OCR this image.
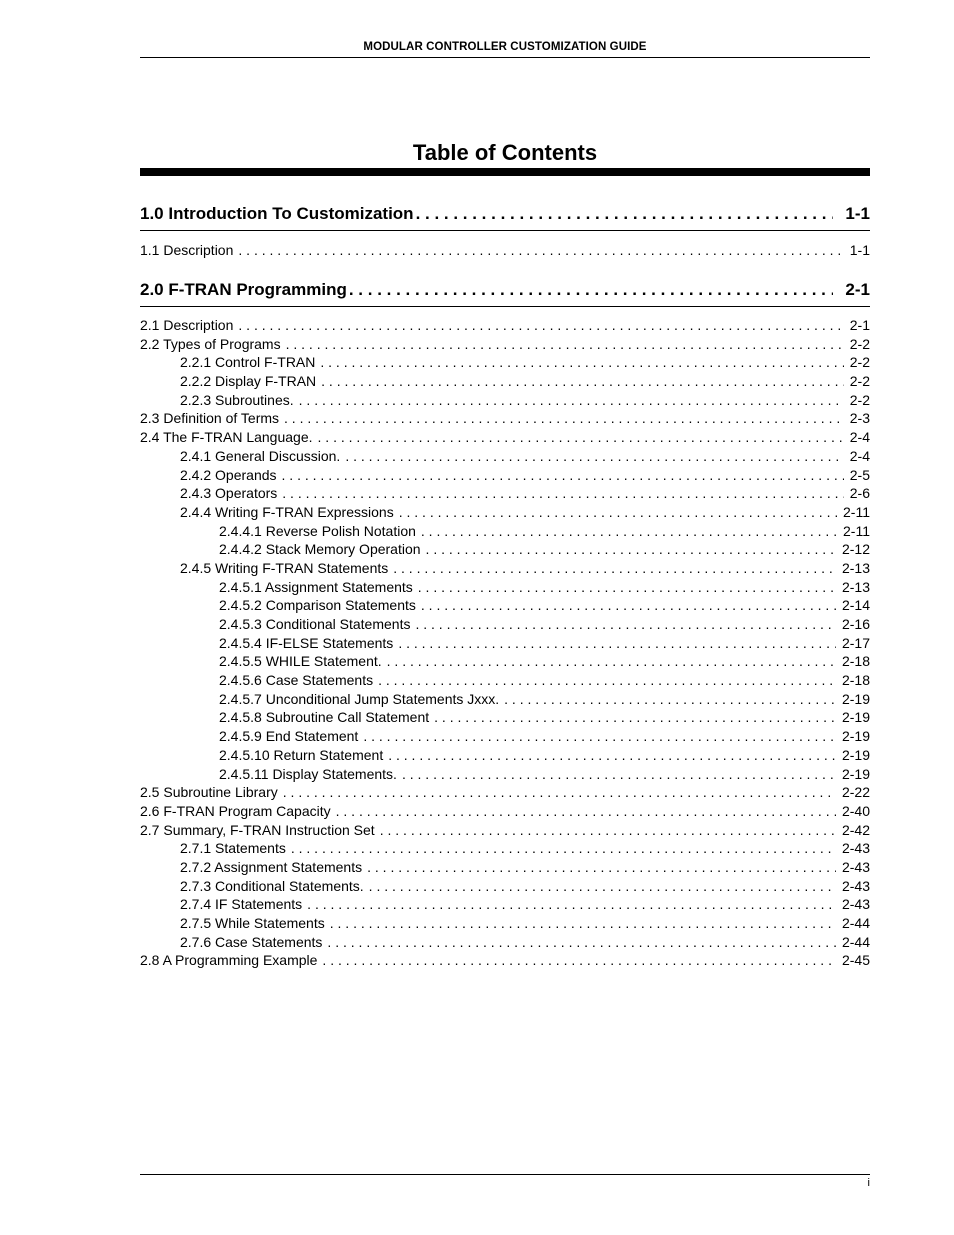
MODULAR CONTROLLER CUSTOMIZATION GUIDE
Table of Contents
1.0 Introduction To Customization . . .	1-1
1.1 Description . . .	1-1
2.0 F-TRAN Programming . . .	2-1
2.1 Description . . .	2-1
2.2 Types of Programs . . .	2-2
2.2.1 Control F-TRAN . . .	2-2
2.2.2 Display F-TRAN . . .	2-2
2.2.3 Subroutines. . . .	2-2
2.3 Definition of Terms . . .	2-3
2.4 The F-TRAN Language. . . .	2-4
2.4.1 General Discussion. . . .	2-4
2.4.2 Operands . . .	2-5
2.4.3 Operators . . .	2-6
2.4.4 Writing F-TRAN Expressions . . .	2-11
2.4.4.1 Reverse Polish Notation . . .	2-11
2.4.4.2 Stack Memory Operation . . .	2-12
2.4.5 Writing F-TRAN Statements . . .	2-13
2.4.5.1 Assignment Statements . . .	2-13
2.4.5.2 Comparison Statements . . .	2-14
2.4.5.3 Conditional Statements . . .	2-16
2.4.5.4 IF-ELSE Statements . . .	2-17
2.4.5.5 WHILE Statement. . . .	2-18
2.4.5.6 Case Statements . . .	2-18
2.4.5.7 Unconditional Jump Statements Jxxx. . . .	2-19
2.4.5.8 Subroutine Call Statement . . .	2-19
2.4.5.9 End Statement . . .	2-19
2.4.5.10 Return Statement . . .	2-19
2.4.5.11 Display Statements. . . .	2-19
2.5 Subroutine Library . . .	2-22
2.6 F-TRAN Program Capacity . . .	2-40
2.7 Summary, F-TRAN Instruction Set . . .	2-42
2.7.1 Statements . . .	2-43
2.7.2 Assignment Statements . . .	2-43
2.7.3 Conditional Statements. . . .	2-43
2.7.4 IF Statements . . .	2-43
2.7.5 While Statements . . .	2-44
2.7.6 Case Statements . . .	2-44
2.8 A Programming Example . . .	2-45
i
